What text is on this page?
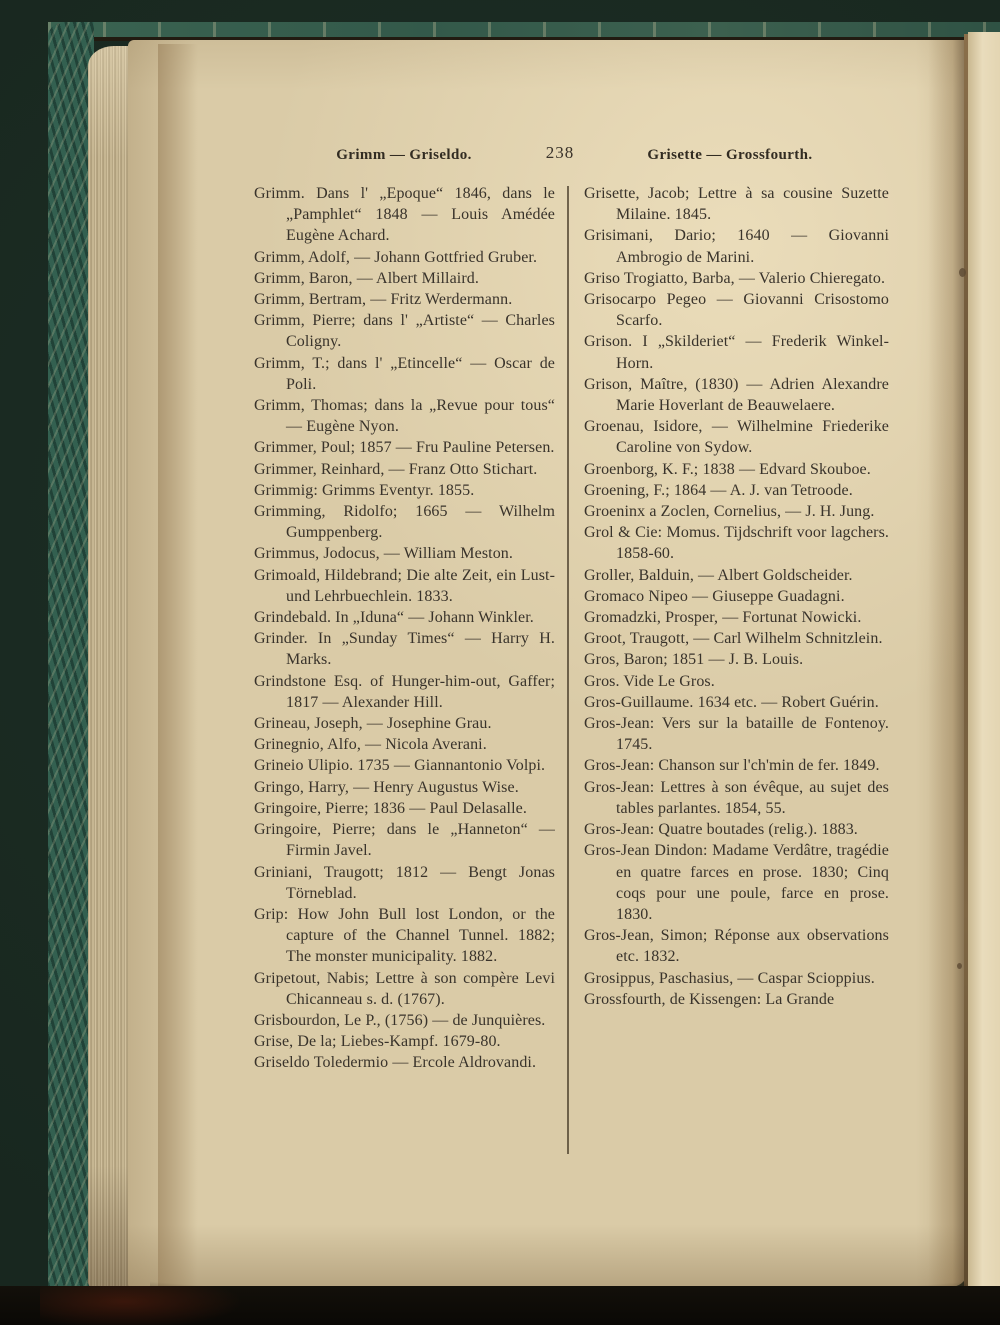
Grimm — Griseldo.	238	Grisette — Grossfourth.

Grimm. Dans l' „Epoque“ 1846, dans le „Pamphlet“ 1848 — Louis Amédée Eugène Achard.

Grimm, Adolf, — Johann Gottfried Gruber.

Grimm, Baron, — Albert Millaird.

Grimm, Bertram, — Fritz Werdermann.

Grimm, Pierre; dans l' „Artiste“ — Charles Coligny.

Grimm, T.; dans l' „Etincelle“ — Oscar de Poli.

Grimm, Thomas; dans la „Revue pour tous“ — Eugène Nyon.

Grimmer, Poul; 1857 — Fru Pauline Petersen.

Grimmer, Reinhard, — Franz Otto Stichart.

Grimmig: Grimms Eventyr. 1855.

Grimming, Ridolfo; 1665 — Wilhelm Gumppenberg.

Grimmus, Jodocus, — William Meston.

Grimoald, Hildebrand; Die alte Zeit, ein Lust- und Lehrbuechlein. 1833.

Grindebald. In „Iduna“ — Johann Winkler.

Grinder. In „Sunday Times“ — Harry H. Marks.

Grindstone Esq. of Hunger-him-out, Gaffer; 1817 — Alexander Hill.

Grineau, Joseph, — Josephine Grau.

Grinegnio, Alfo, — Nicola Averani.

Grineio Ulipio. 1735 — Giannantonio Volpi.

Gringo, Harry, — Henry Augustus Wise.

Gringoire, Pierre; 1836 — Paul Delasalle.

Gringoire, Pierre; dans le „Hanneton“ — Firmin Javel.

Griniani, Traugott; 1812 — Bengt Jonas Törneblad.

Grip: How John Bull lost London, or the capture of the Channel Tunnel. 1882; The monster municipality. 1882.

Gripetout, Nabis; Lettre à son compère Levi Chicanneau s. d. (1767).

Grisbourdon, Le P., (1756) — de Junquières.

Grise, De la; Liebes-Kampf. 1679-80.

Griseldo Toledermio — Ercole Aldrovandi.

Grisette, Jacob; Lettre à sa cousine Suzette Milaine. 1845.

Grisimani, Dario; 1640 — Giovanni Ambrogio de Marini.

Griso Trogiatto, Barba, — Valerio Chieregato.

Grisocarpo Pegeo — Giovanni Crisostomo Scarfo.

Grison. I „Skilderiet“ — Frederik Winkel-Horn.

Grison, Maître, (1830) — Adrien Alexandre Marie Hoverlant de Beauwelaere.

Groenau, Isidore, — Wilhelmine Friederike Caroline von Sydow.

Groenborg, K. F.; 1838 — Edvard Skouboe.

Groening, F.; 1864 — A. J. van Tetroode.

Groeninx a Zoclen, Cornelius, — J. H. Jung.

Grol & Cie: Momus. Tijdschrift voor lagchers. 1858-60.

Groller, Balduin, — Albert Goldscheider.

Gromaco Nipeo — Giuseppe Guadagni.

Gromadzki, Prosper, — Fortunat Nowicki.

Groot, Traugott, — Carl Wilhelm Schnitzlein.

Gros, Baron; 1851 — J. B. Louis.

Gros. Vide Le Gros.

Gros-Guillaume. 1634 etc. — Robert Guérin.

Gros-Jean: Vers sur la bataille de Fontenoy. 1745.

Gros-Jean: Chanson sur l'ch'min de fer. 1849.

Gros-Jean: Lettres à son évêque, au sujet des tables parlantes. 1854, 55.

Gros-Jean: Quatre boutades (relig.). 1883.

Gros-Jean Dindon: Madame Verdâtre, tragédie en quatre farces en prose. 1830; Cinq coqs pour une poule, farce en prose. 1830.

Gros-Jean, Simon; Réponse aux observations etc. 1832.

Grosippus, Paschasius, — Caspar Scioppius.

Grossfourth, de Kissengen: La Grande
